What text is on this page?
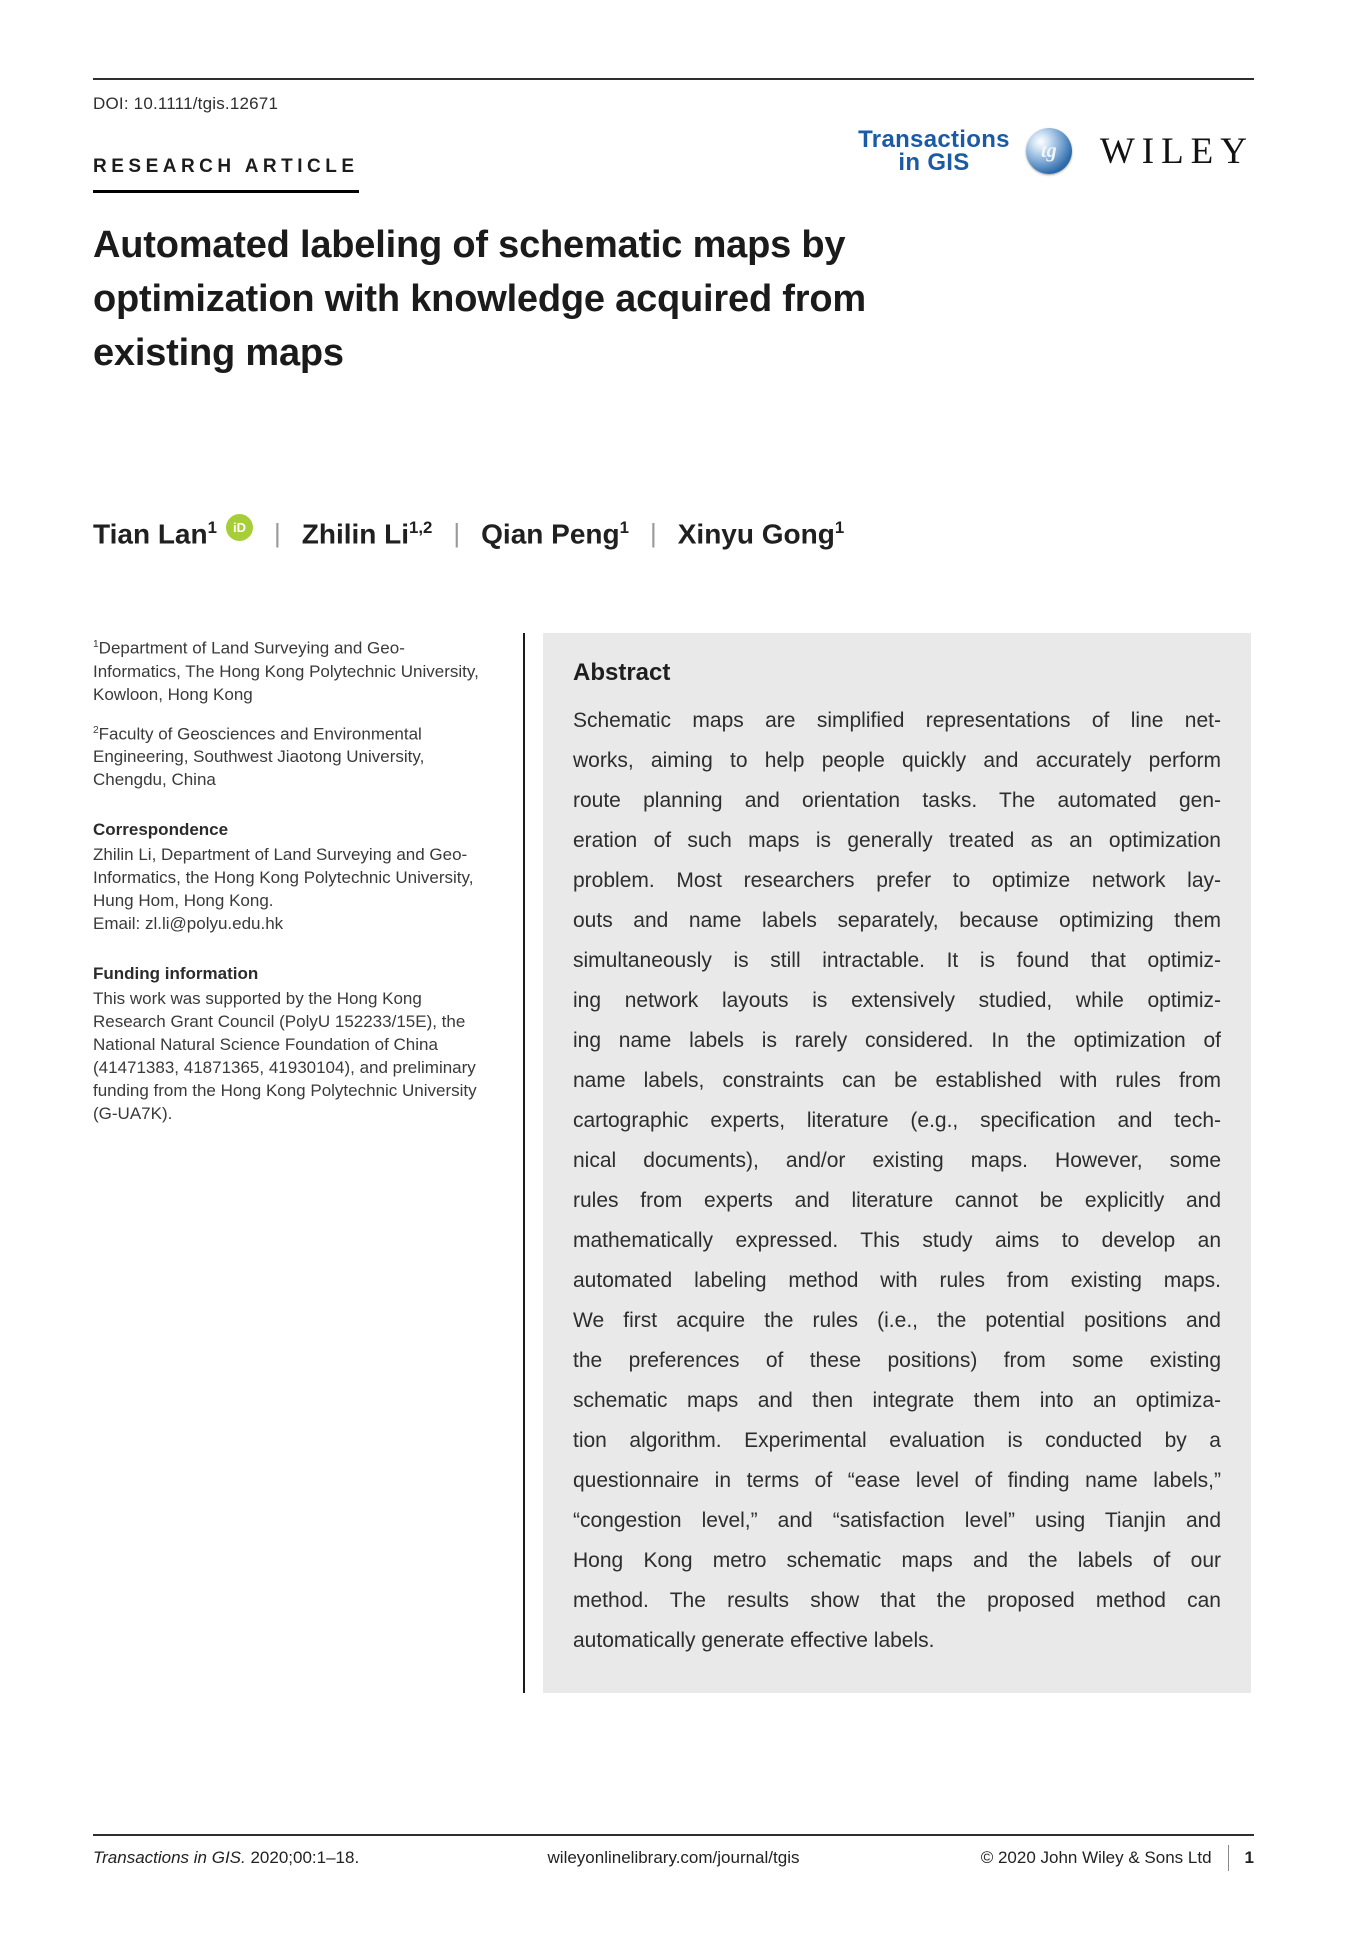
DOI: 10.1111/tgis.12671
RESEARCH ARTICLE
Transactions
in GIS	tg WILEY
Automated labeling of schematic maps by
optimization with knowledge acquired from
existing maps
Tian Lan$^1$	iD | Zhilin Li$^{1,2}$ | Qian Peng$^1$ | Xinyu Gong$^1$

$^1$Department of Land Surveying and Geo-Informatics, The Hong Kong Polytechnic University, Kowloon, Hong Kong

$^2$Faculty of Geosciences and Environmental Engineering, Southwest Jiaotong University, Chengdu, China

Correspondence
Zhilin Li, Department of Land Surveying and Geo-Informatics, the Hong Kong Polytechnic University, Hung Hom, Hong Kong.
Email: zl.li@polyu.edu.hk
Funding information
This work was supported by the Hong Kong Research Grant Council (PolyU 152233/15E), the National Natural Science Foundation of China (41471383, 41871365, 41930104), and preliminary funding from the Hong Kong Polytechnic University (G-UA7K).
Abstract
Schematic maps are simplified representations of line net-
works, aiming to help people quickly and accurately perform
route planning and orientation tasks. The automated gen-
eration of such maps is generally treated as an optimization
problem. Most researchers prefer to optimize network lay-
outs and name labels separately, because optimizing them
simultaneously is still intractable. It is found that optimiz-
ing network layouts is extensively studied, while optimiz-
ing name labels is rarely considered. In the optimization of
name labels, constraints can be established with rules from
cartographic experts, literature (e.g., specification and tech-
nical documents), and/or existing maps. However, some
rules from experts and literature cannot be explicitly and
mathematically expressed. This study aims to develop an
automated labeling method with rules from existing maps.
We first acquire the rules (i.e., the potential positions and
the preferences of these positions) from some existing
schematic maps and then integrate them into an optimiza-
tion algorithm. Experimental evaluation is conducted by a
questionnaire in terms of “ease level of finding name labels,”
“congestion level,” and “satisfaction level” using Tianjin and
Hong Kong metro schematic maps and the labels of our
method. The results show that the proposed method can
automatically generate effective labels.
Transactions in GIS. 2020;00:1–18.	wileyonlinelibrary.com/journal/tgis	© 2020 John Wiley & Sons Ltd 1
